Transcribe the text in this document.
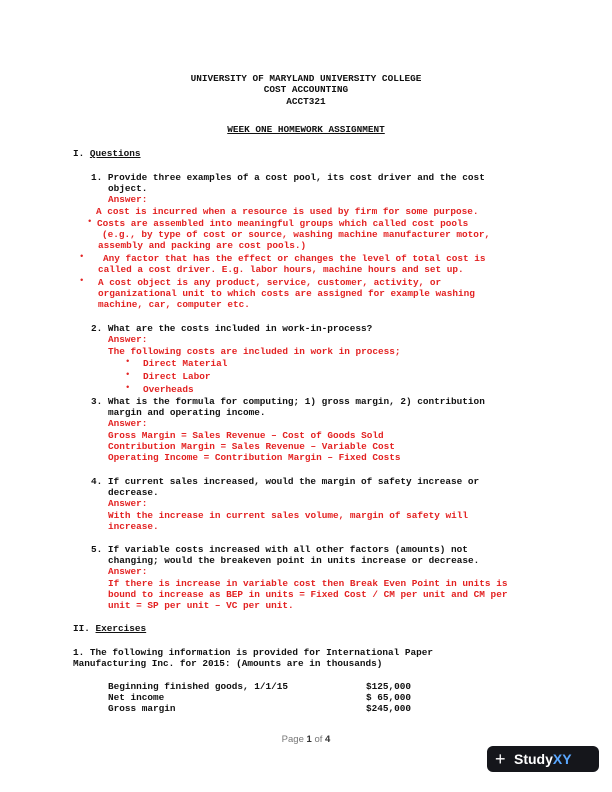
UNIVERSITY OF MARYLAND UNIVERSITY COLLEGE
COST ACCOUNTING
ACCT321
WEEK ONE HOMEWORK ASSIGNMENT
I. Questions
1. Provide three examples of a cost pool, its cost driver and the cost
object.
Answer:
A cost is incurred when a resource is used by firm for some purpose.
• Costs are assembled into meaningful groups which called cost pools
(e.g., by type of cost or source, washing machine manufacturer motor,
assembly and packing are cost pools.)
• Any factor that has the effect or changes the level of total cost is
called a cost driver. E.g. labor hours, machine hours and set up.
• A cost object is any product, service, customer, activity, or
organizational unit to which costs are assigned for example washing
machine, car, computer etc.
2. What are the costs included in work-in-process?
Answer:
The following costs are included in work in process;
• Direct Material
• Direct Labor
• Overheads
3. What is the formula for computing; 1) gross margin, 2) contribution
margin and operating income.
Answer:
Gross Margin = Sales Revenue – Cost of Goods Sold
Contribution Margin = Sales Revenue – Variable Cost
Operating Income = Contribution Margin – Fixed Costs
4. If current sales increased, would the margin of safety increase or
decrease.
Answer:
With the increase in current sales volume, margin of safety will
increase.
5. If variable costs increased with all other factors (amounts) not
changing; would the breakeven point in units increase or decrease.
Answer:
If there is increase in variable cost then Break Even Point in units is
bound to increase as BEP in units = Fixed Cost / CM per unit and CM per
unit = SP per unit – VC per unit.
II. Exercises
1. The following information is provided for International Paper
Manufacturing Inc. for 2015: (Amounts are in thousands)
Beginning finished goods, 1/1/15	$125,000
Net income	$ 65,000
Gross margin	$245,000
Page 1 of 4
+ StudyXY
